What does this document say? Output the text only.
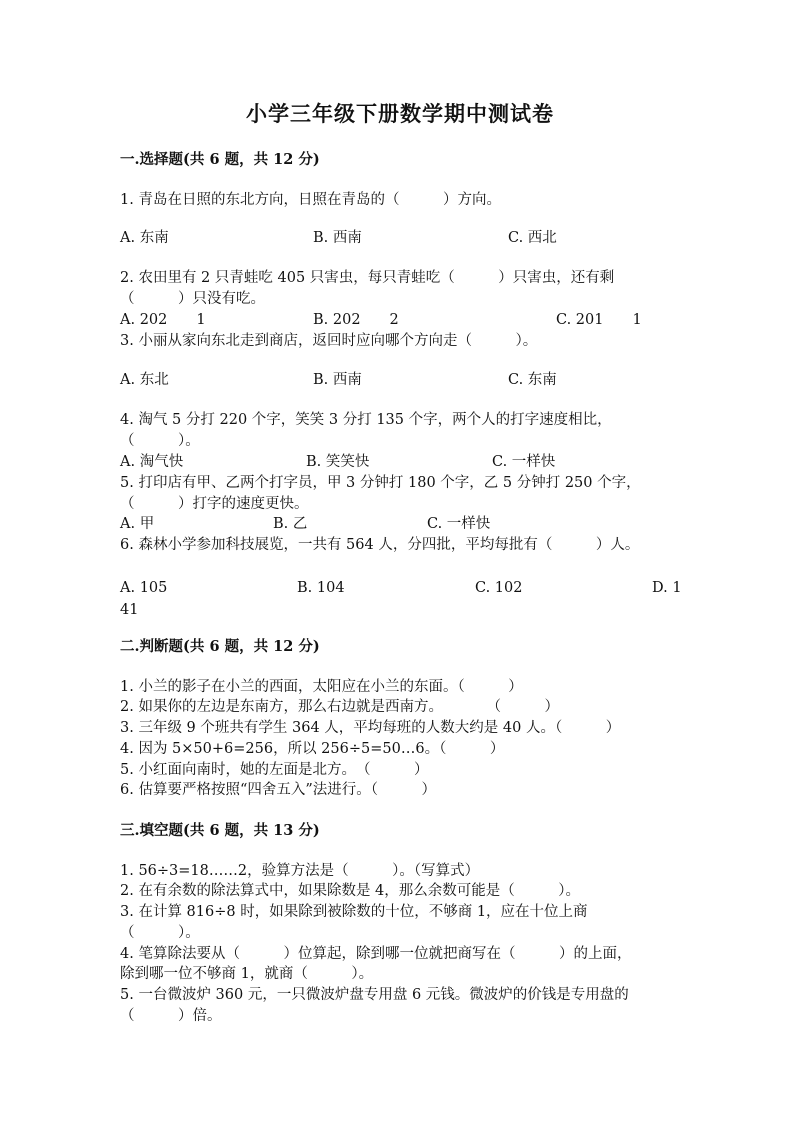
小学三年级下册数学期中测试卷
一.选择题(共 6 题，共 12 分)
1. 青岛在日照的东北方向，日照在青岛的（　　　）方向。
A. 东南	B. 西南	C. 西北
2. 农田里有 2 只青蛙吃 405 只害虫，每只青蛙吃（　　　）只害虫，还有剩
（　　　）只没有吃。
A. 202　　1	B. 202　　2	C. 201　　1
3. 小丽从家向东北走到商店，返回时应向哪个方向走（　　　）。
A. 东北	B. 西南	C. 东南
4. 淘气 5 分打 220 个字，笑笑 3 分打 135 个字，两个人的打字速度相比，
（　　　）。
A. 淘气快	B. 笑笑快	C. 一样快
5. 打印店有甲、乙两个打字员，甲 3 分钟打 180 个字，乙 5 分钟打 250 个字，
（　　　）打字的速度更快。
A. 甲	B. 乙	C. 一样快
6. 森林小学参加科技展览，一共有 564 人，分四批，平均每批有（　　　）人。
A. 105	B. 104	C. 102	D. 1
41
二.判断题(共 6 题，共 12 分)
1. 小兰的影子在小兰的西面，太阳应在小兰的东面。（　　　）
2. 如果你的左边是东南方，那么右边就是西南方。　　　　（　　　）
3. 三年级 9 个班共有学生 364 人，平均每班的人数大约是 40 人。（　　　）
4. 因为 5×50+6=256，所以 256÷5=50…6。（　　　）
5. 小红面向南时，她的左面是北方。　（　　　）
6. 估算要严格按照“四舍五入”法进行。（　　　）
三.填空题(共 6 题，共 13 分)
1. 56÷3=18……2，验算方法是（　　　）。（写算式）
2. 在有余数的除法算式中，如果除数是 4，那么余数可能是（　　　）。
3. 在计算 816÷8 时，如果除到被除数的十位，不够商 1，应在十位上商
（　　　）。
4. 笔算除法要从（　　　）位算起，除到哪一位就把商写在（　　　）的上面，
除到哪一位不够商 1，就商（　　　）。
5. 一台微波炉 360 元，一只微波炉盘专用盘 6 元钱。微波炉的价钱是专用盘的
（　　　）倍。
